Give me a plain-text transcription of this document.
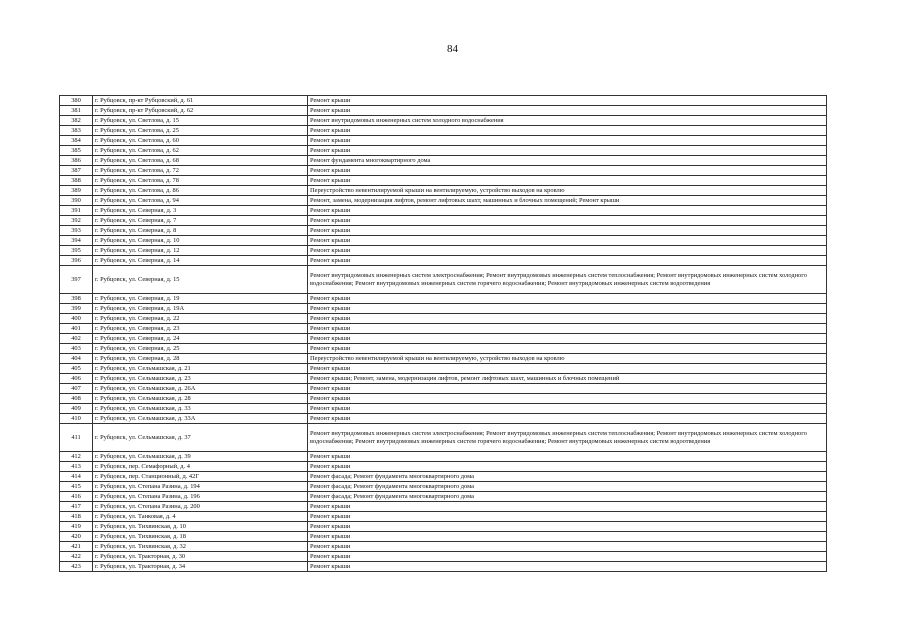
84
380	г. Рубцовск, пр-кт Рубцовский, д. 61	Ремонт крыши
381	г. Рубцовск, пр-кт Рубцовский, д. 62	Ремонт крыши
382	г. Рубцовск, ул. Светлова, д. 15	Ремонт внутридомовых инженерных систем холодного водоснабжения
383	г. Рубцовск, ул. Светлова, д. 25	Ремонт крыши
384	г. Рубцовск, ул. Светлова, д. 60	Ремонт крыши
385	г. Рубцовск, ул. Светлова, д. 62	Ремонт крыши
386	г. Рубцовск, ул. Светлова, д. 68	Ремонт фундамента многоквартирного дома
387	г. Рубцовск, ул. Светлова, д. 72	Ремонт крыши
388	г. Рубцовск, ул. Светлова, д. 78	Ремонт крыши
389	г. Рубцовск, ул. Светлова, д. 86	Переустройство невентилируемой крыши на вентилируемую, устройство выходов на кровлю
390	г. Рубцовск, ул. Светлова, д. 94	Ремонт, замена, модернизация лифтов, ремонт лифтовых шахт, машинных и блочных помещений; Ремонт крыши
391	г. Рубцовск, ул. Северная, д. 3	Ремонт крыши
392	г. Рубцовск, ул. Северная, д. 7	Ремонт крыши
393	г. Рубцовск, ул. Северная, д. 8	Ремонт крыши
394	г. Рубцовск, ул. Северная, д. 10	Ремонт крыши
395	г. Рубцовск, ул. Северная, д. 12	Ремонт крыши
396	г. Рубцовск, ул. Северная, д. 14	Ремонт крыши
397	г. Рубцовск, ул. Северная, д. 15	Ремонт внутридомовых инженерных систем электроснабжения; Ремонт внутридомовых инженерных систем теплоснабжения; Ремонт внутридомовых инженерных систем холодного водоснабжения; Ремонт внутридомовых инженерных систем горячего водоснабжения; Ремонт внутридомовых инженерных систем водоотведения
398	г. Рубцовск, ул. Северная, д. 19	Ремонт крыши
399	г. Рубцовск, ул. Северная, д. 19А	Ремонт крыши
400	г. Рубцовск, ул. Северная, д. 22	Ремонт крыши
401	г. Рубцовск, ул. Северная, д. 23	Ремонт крыши
402	г. Рубцовск, ул. Северная, д. 24	Ремонт крыши
403	г. Рубцовск, ул. Северная, д. 25	Ремонт крыши
404	г. Рубцовск, ул. Северная, д. 28	Переустройство невентилируемой крыши на вентилируемую, устройство выходов на кровлю
405	г. Рубцовск, ул. Сельмашская, д. 21	Ремонт крыши
406	г. Рубцовск, ул. Сельмашская, д. 23	Ремонт крыши; Ремонт, замена, модернизация лифтов, ремонт лифтовых шахт, машинных и блочных помещений
407	г. Рубцовск, ул. Сельмашская, д. 26А	Ремонт крыши
408	г. Рубцовск, ул. Сельмашская, д. 28	Ремонт крыши
409	г. Рубцовск, ул. Сельмашская, д. 33	Ремонт крыши
410	г. Рубцовск, ул. Сельмашская, д. 33А	Ремонт крыши
411	г. Рубцовск, ул. Сельмашская, д. 37	Ремонт внутридомовых инженерных систем электроснабжения; Ремонт внутридомовых инженерных систем теплоснабжения; Ремонт внутридомовых инженерных систем холодного водоснабжения; Ремонт внутридомовых инженерных систем горячего водоснабжения; Ремонт внутридомовых инженерных систем водоотведения
412	г. Рубцовск, ул. Сельмашская, д. 39	Ремонт крыши
413	г. Рубцовск, пер. Семафорный, д. 4	Ремонт крыши
414	г. Рубцовск, пер. Станционный, д. 42Г	Ремонт фасада; Ремонт фундамента многоквартирного дома
415	г. Рубцовск, ул. Степана Разина, д. 194	Ремонт фасада; Ремонт фундамента многоквартирного дома
416	г. Рубцовск, ул. Степана Разина, д. 196	Ремонт фасада; Ремонт фундамента многоквартирного дома
417	г. Рубцовск, ул. Степана Разина, д. 200	Ремонт крыши
418	г. Рубцовск, ул. Танковая, д. 4	Ремонт крыши
419	г. Рубцовск, ул. Тихвинская, д. 10	Ремонт крыши
420	г. Рубцовск, ул. Тихвинская, д. 18	Ремонт крыши
421	г. Рубцовск, ул. Тихвинская, д. 32	Ремонт крыши
422	г. Рубцовск, ул. Тракторная, д. 30	Ремонт крыши
423	г. Рубцовск, ул. Тракторная, д. 34	Ремонт крыши
